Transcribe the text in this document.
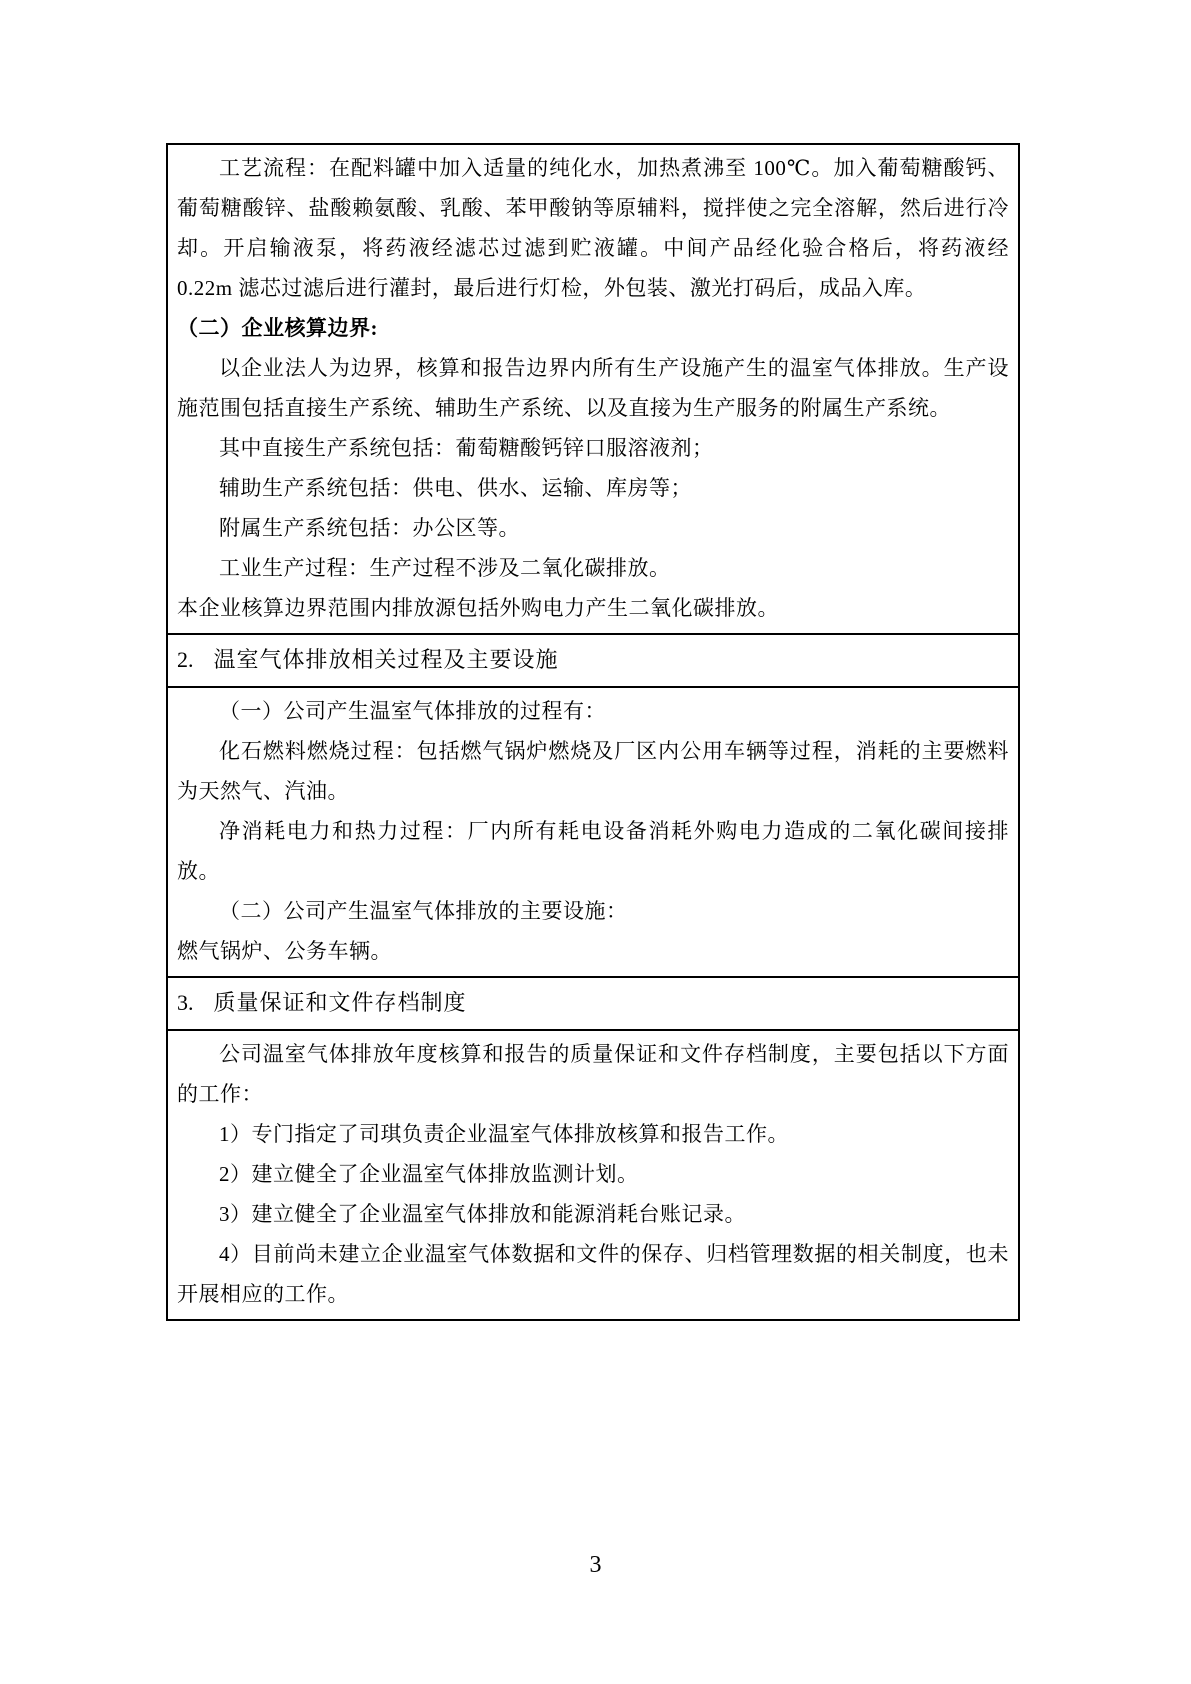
工艺流程：在配料罐中加入适量的纯化水，加热煮沸至 100℃。加入葡萄糖酸钙、葡萄糖酸锌、盐酸赖氨酸、乳酸、苯甲酸钠等原辅料，搅拌使之完全溶解，然后进行冷却。开启输液泵，将药液经滤芯过滤到贮液罐。中间产品经化验合格后，将药液经 0.22m 滤芯过滤后进行灌封，最后进行灯检，外包装、激光打码后，成品入库。

（二）企业核算边界:

以企业法人为边界，核算和报告边界内所有生产设施产生的温室气体排放。生产设施范围包括直接生产系统、辅助生产系统、以及直接为生产服务的附属生产系统。

其中直接生产系统包括：葡萄糖酸钙锌口服溶液剂；

辅助生产系统包括：供电、供水、运输、库房等；

附属生产系统包括：办公区等。

工业生产过程：生产过程不涉及二氧化碳排放。

本企业核算边界范围内排放源包括外购电力产生二氧化碳排放。

2. 温室气体排放相关过程及主要设施

（一）公司产生温室气体排放的过程有：

化石燃料燃烧过程：包括燃气锅炉燃烧及厂区内公用车辆等过程，消耗的主要燃料为天然气、汽油。

净消耗电力和热力过程：厂内所有耗电设备消耗外购电力造成的二氧化碳间接排放。

（二）公司产生温室气体排放的主要设施：

燃气锅炉、公务车辆。

3. 质量保证和文件存档制度

公司温室气体排放年度核算和报告的质量保证和文件存档制度，主要包括以下方面的工作：

1）专门指定了司琪负责企业温室气体排放核算和报告工作。

2）建立健全了企业温室气体排放监测计划。

3）建立健全了企业温室气体排放和能源消耗台账记录。

4）目前尚未建立企业温室气体数据和文件的保存、归档管理数据的相关制度，也未开展相应的工作。

3
